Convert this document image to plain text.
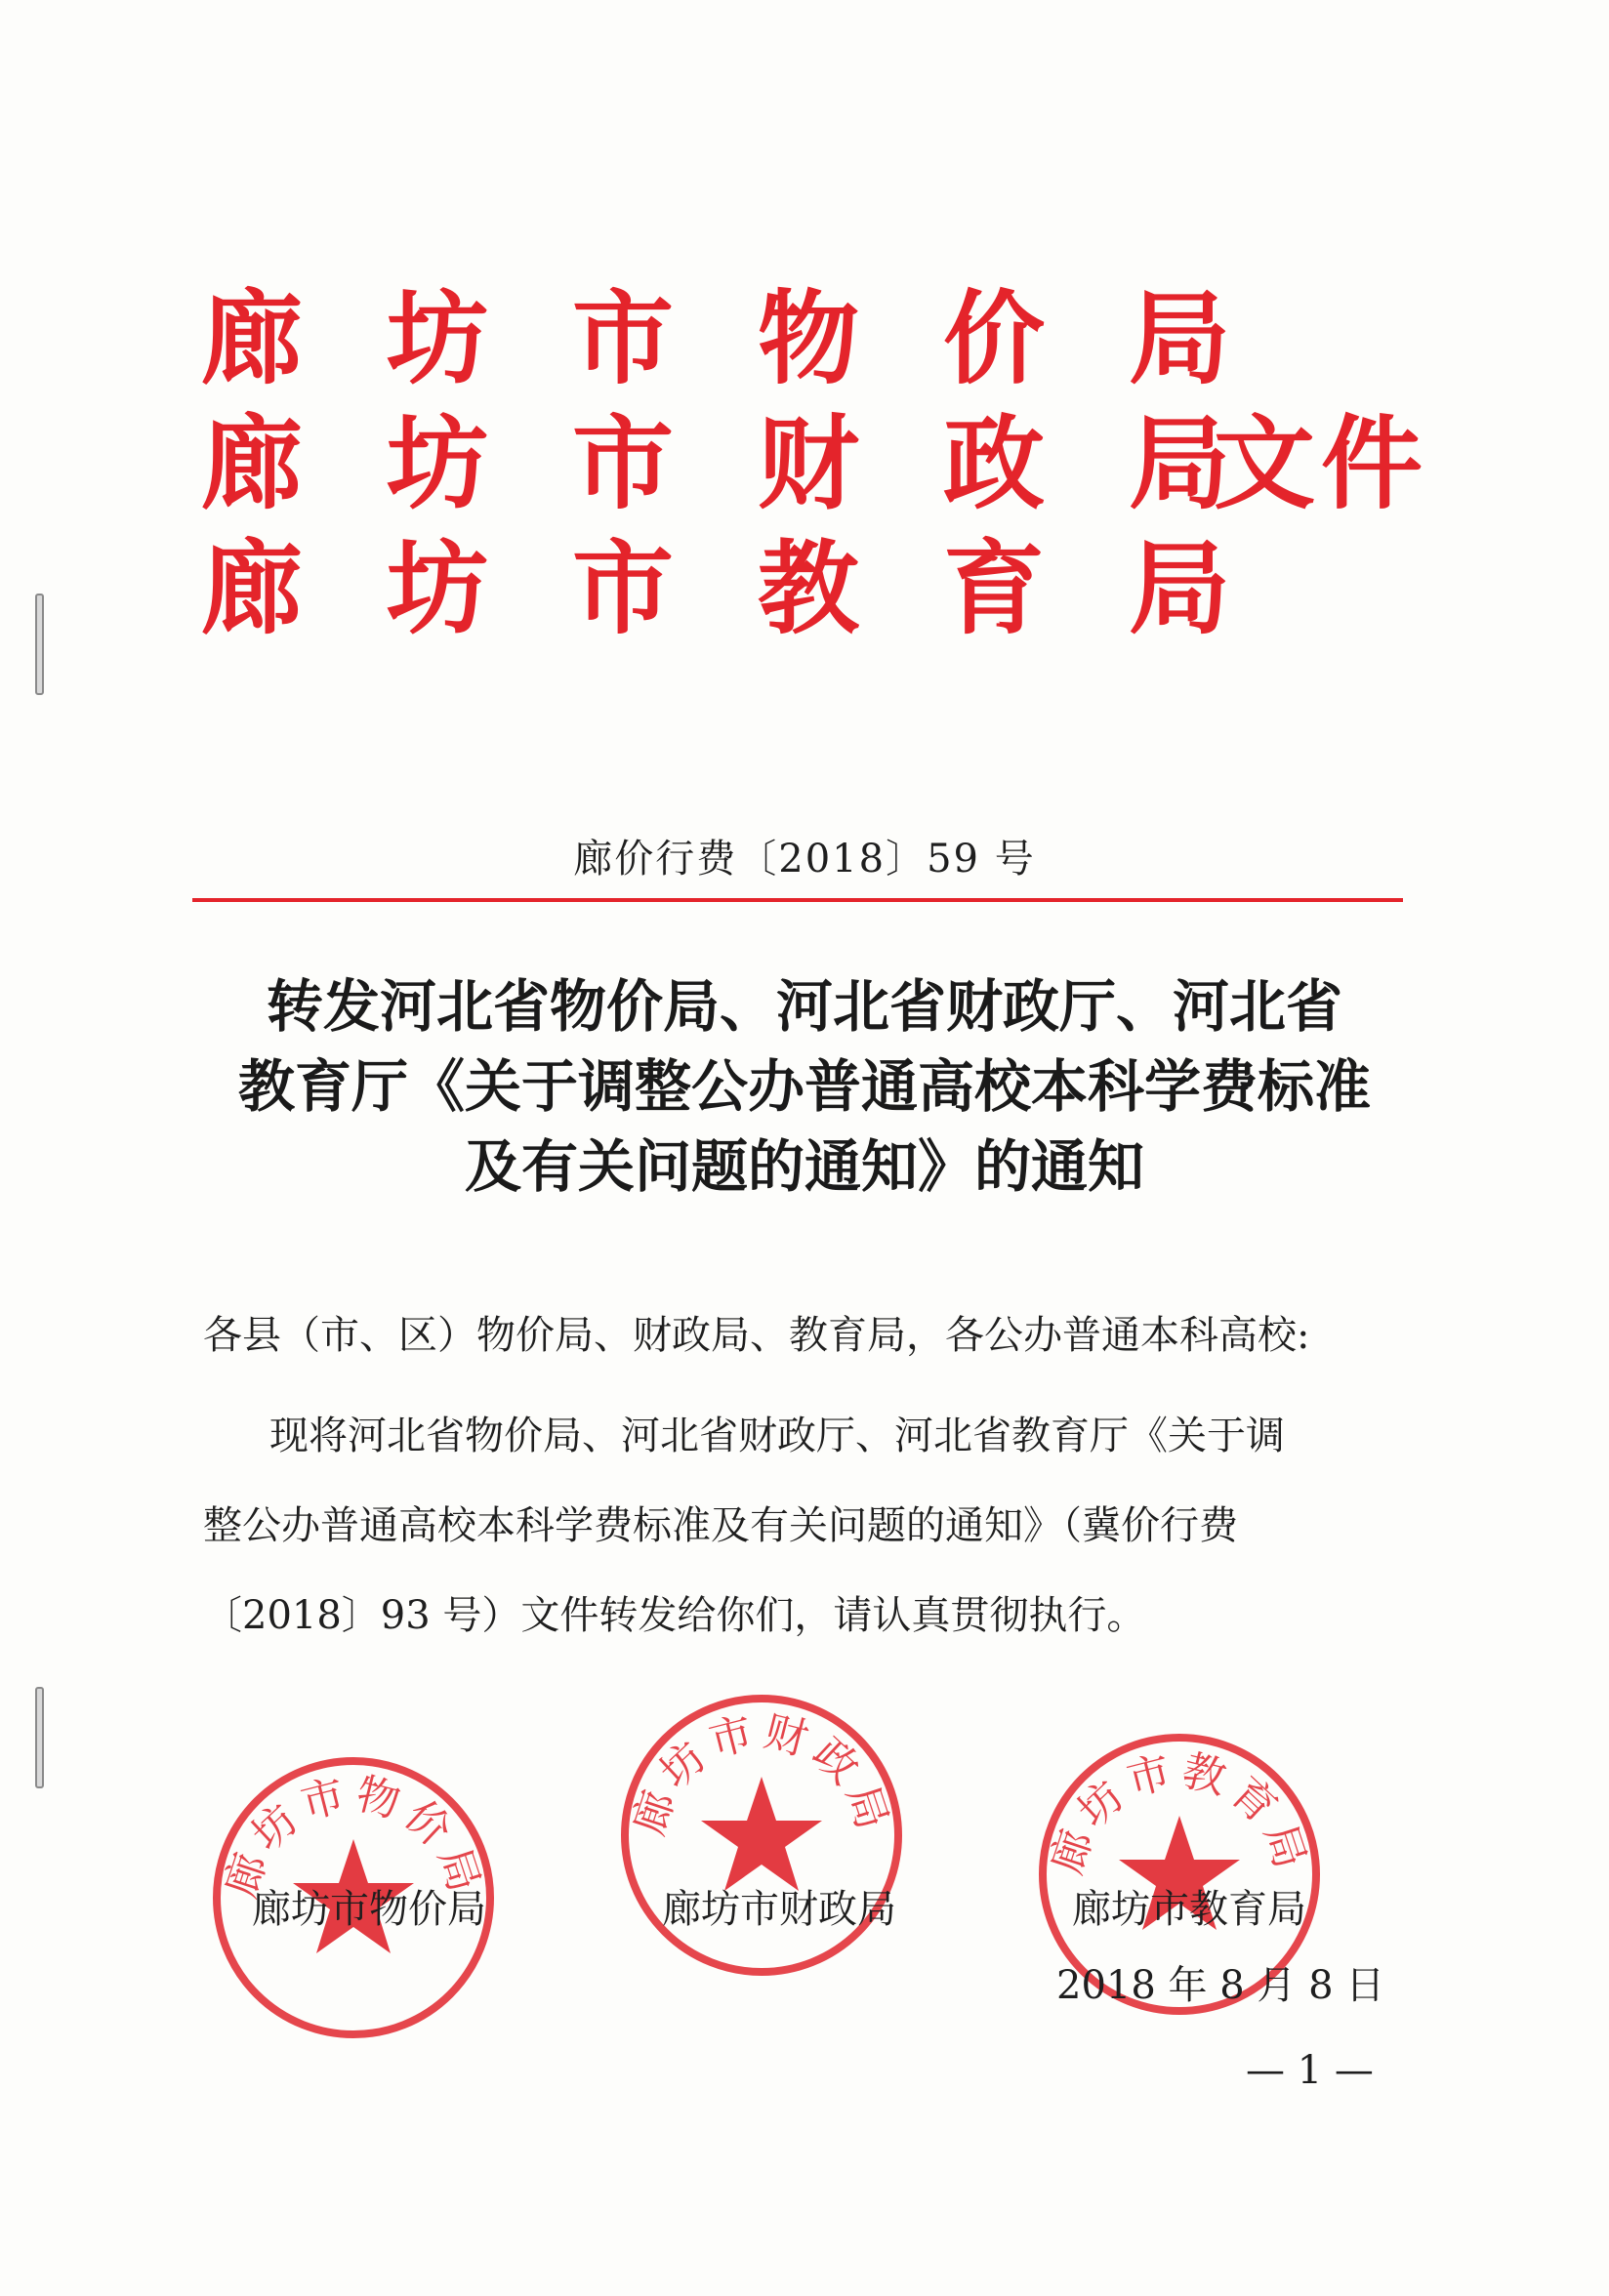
廊 坊 市 物 价 局
廊 坊 市 财 政 局
文件
廊 坊 市 教 育 局
廊价行费〔2018〕59 号
转发河北省物价局、河北省财政厅、河北省
教育厅《关于调整公办普通高校本科学费标准
及有关问题的通知》的通知
各县（市、区）物价局、财政局、教育局，各公办普通本科高校:
现将河北省物价局、河北省财政厅、河北省教育厅《关于调
整公办普通高校本科学费标准及有关问题的通知》（冀价行费
〔2018〕93 号）文件转发给你们，请认真贯彻执行。
廊坊市物价局
廊坊市财政局
廊坊市教育局
廊坊市物价局	廊坊市财政局	廊坊市教育局
2018 年 8 月 8 日
— 1 —
